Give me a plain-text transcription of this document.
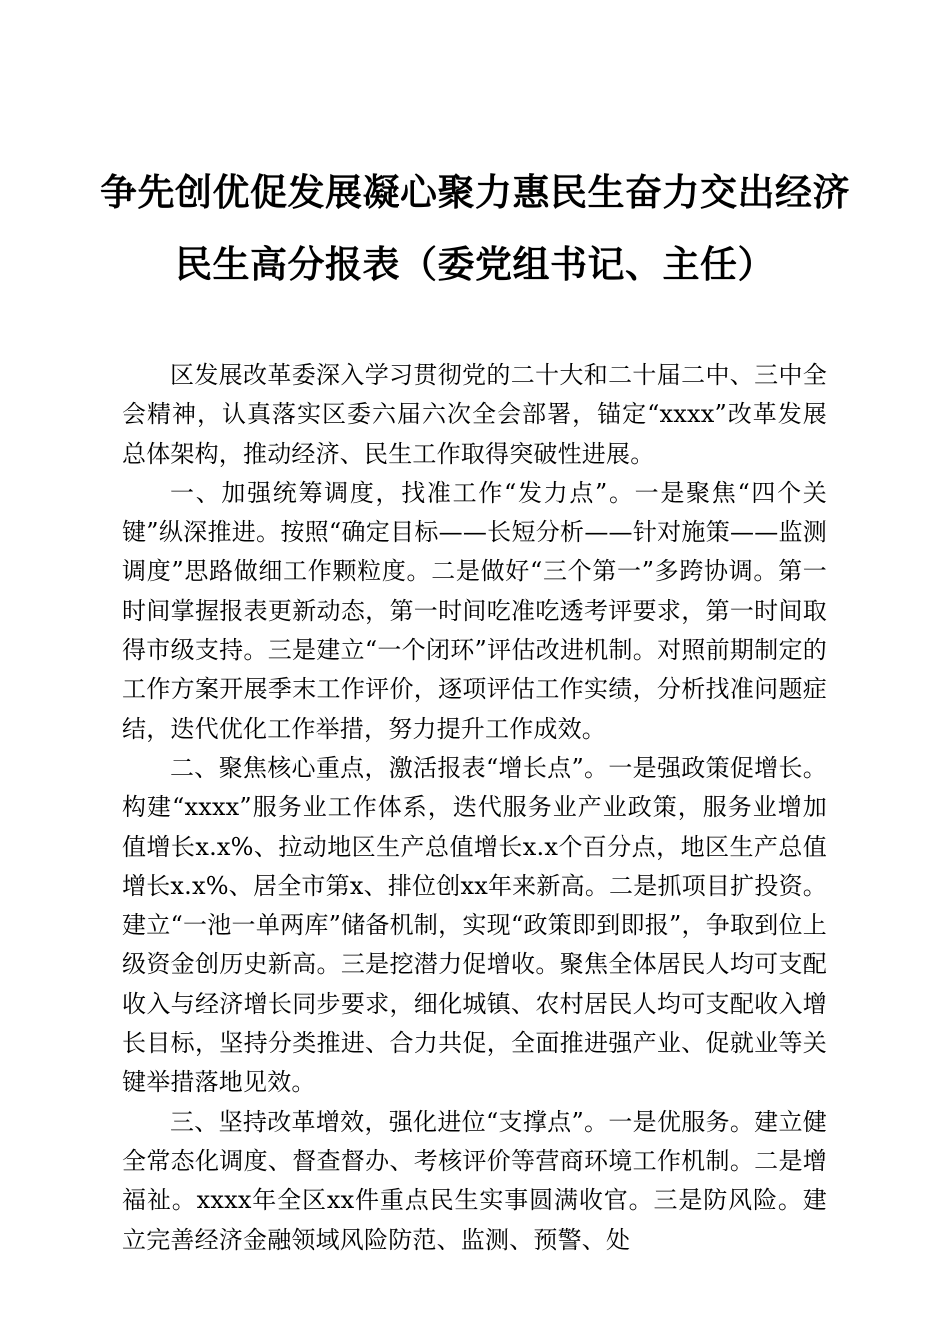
争先创优促发展凝心聚力惠民生奋力交出经济
民生高分报表（委党组书记、主任）

区发展改革委深入学习贯彻党的二十大和二十届二中、三中全会精神，认真落实区委六届六次全会部署，锚定“xxxx”改革发展总体架构，推动经济、民生工作取得突破性进展。

一、加强统筹调度，找准工作“发力点”。一是聚焦“四个关键”纵深推进。按照“确定目标——长短分析——针对施策——监测调度”思路做细工作颗粒度。二是做好“三个第一”多跨协调。第一时间掌握报表更新动态，第一时间吃准吃透考评要求，第一时间取得市级支持。三是建立“一个闭环”评估改进机制。对照前期制定的工作方案开展季末工作评价，逐项评估工作实绩，分析找准问题症结，迭代优化工作举措，努力提升工作成效。

二、聚焦核心重点，激活报表“增长点”。一是强政策促增长。构建“xxxx”服务业工作体系，迭代服务业产业政策，服务业增加值增长x.x%、拉动地区生产总值增长x.x个百分点，地区生产总值增长x.x%、居全市第x、排位创xx年来新高。二是抓项目扩投资。建立“一池一单两库”储备机制，实现“政策即到即报”，争取到位上级资金创历史新高。三是挖潜力促增收。聚焦全体居民人均可支配收入与经济增长同步要求，细化城镇、农村居民人均可支配收入增长目标，坚持分类推进、合力共促，全面推进强产业、促就业等关键举措落地见效。

三、坚持改革增效，强化进位“支撑点”。一是优服务。建立健全常态化调度、督查督办、考核评价等营商环境工作机制。二是增福祉。xxxx年全区xx件重点民生实事圆满收官。三是防风险。建立完善经济金融领域风险防范、监测、预警、处
